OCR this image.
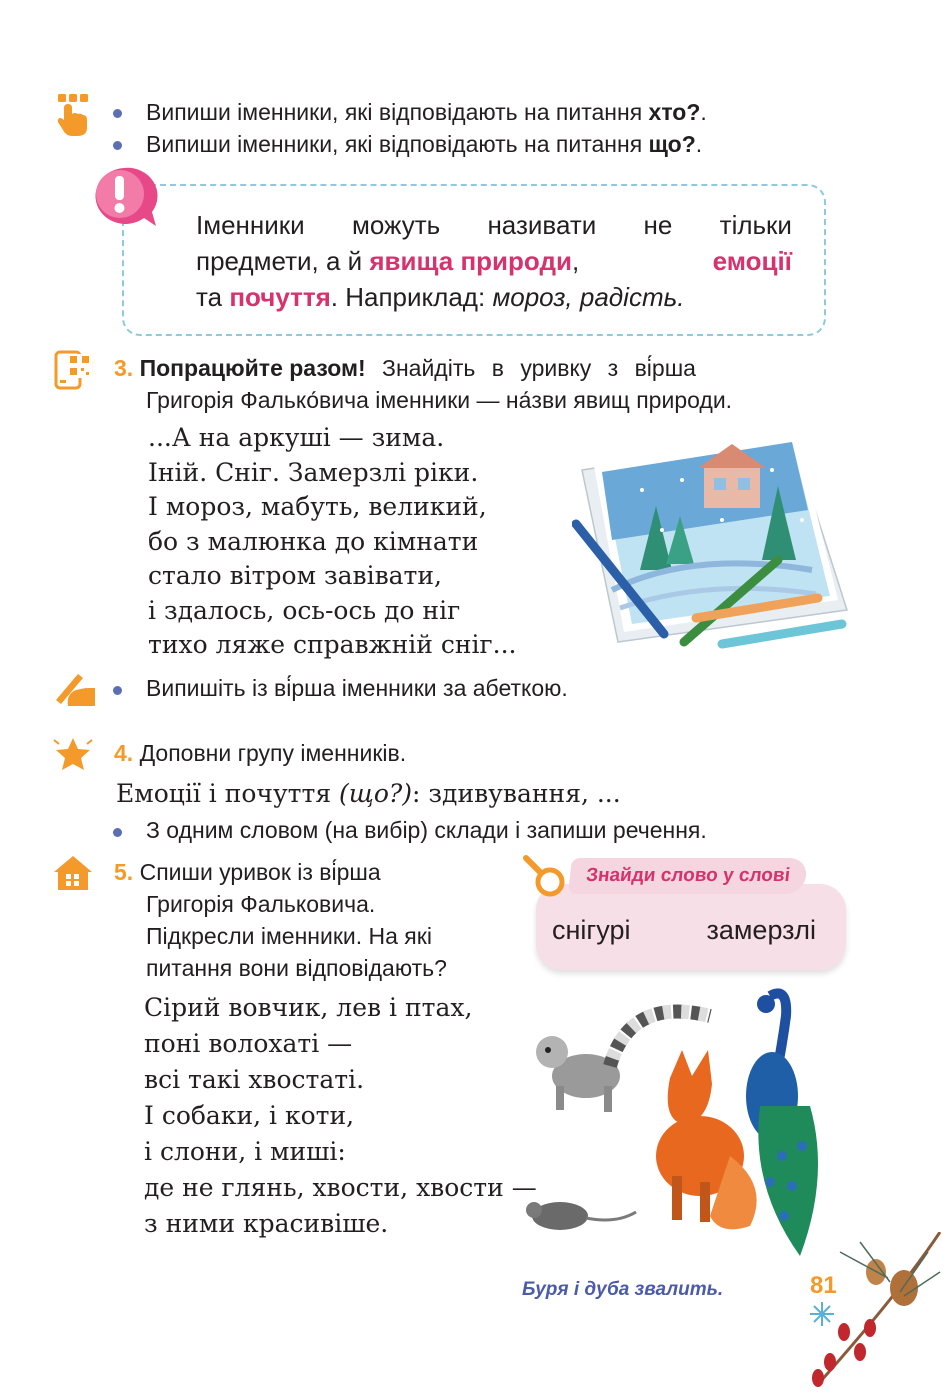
Випиши іменники, які відповідають на питання хто?.
Випиши іменники, які відповідають на питання що?.
Іменники можуть називати не тільки
предмети, а й явища природи,	емоції
та почуття. Наприклад: мороз, радість.
3. Попрацюйте разом! Знайдіть в уривку з ві́рша
Григорія Фалько́вича іменники — на́зви явищ природи.
...А на аркуші — зима.
Іній. Сніг. Замерзлі ріки.
І мороз, мабуть, великий,
бо з малюнка до кімнати
стало вітром завівати,
і здалось, ось-ось до ніг
тихо ляже справжній сніг...
Випишіть із ві́рша іменники за абеткою.
4. Доповни групу іменників.
Емоції і почуття (що?): здивування, ...
З одним словом (на вибір) склади і запиши речення.
5. Спиши уривок із ві́рша
Григорія Фальковича.
Підкресли іменники. На які
питання вони відповідають?
Знайди слово у слові
снігурі	замерзлі
Сірий вовчик, лев і птах,
поні волохаті —
всі такі хвостаті.
І собаки, і коти,
і слони, і миші:
де не глянь, хвости, хвости —
з ними красивіше.
Буря і дуба звалить.	81
